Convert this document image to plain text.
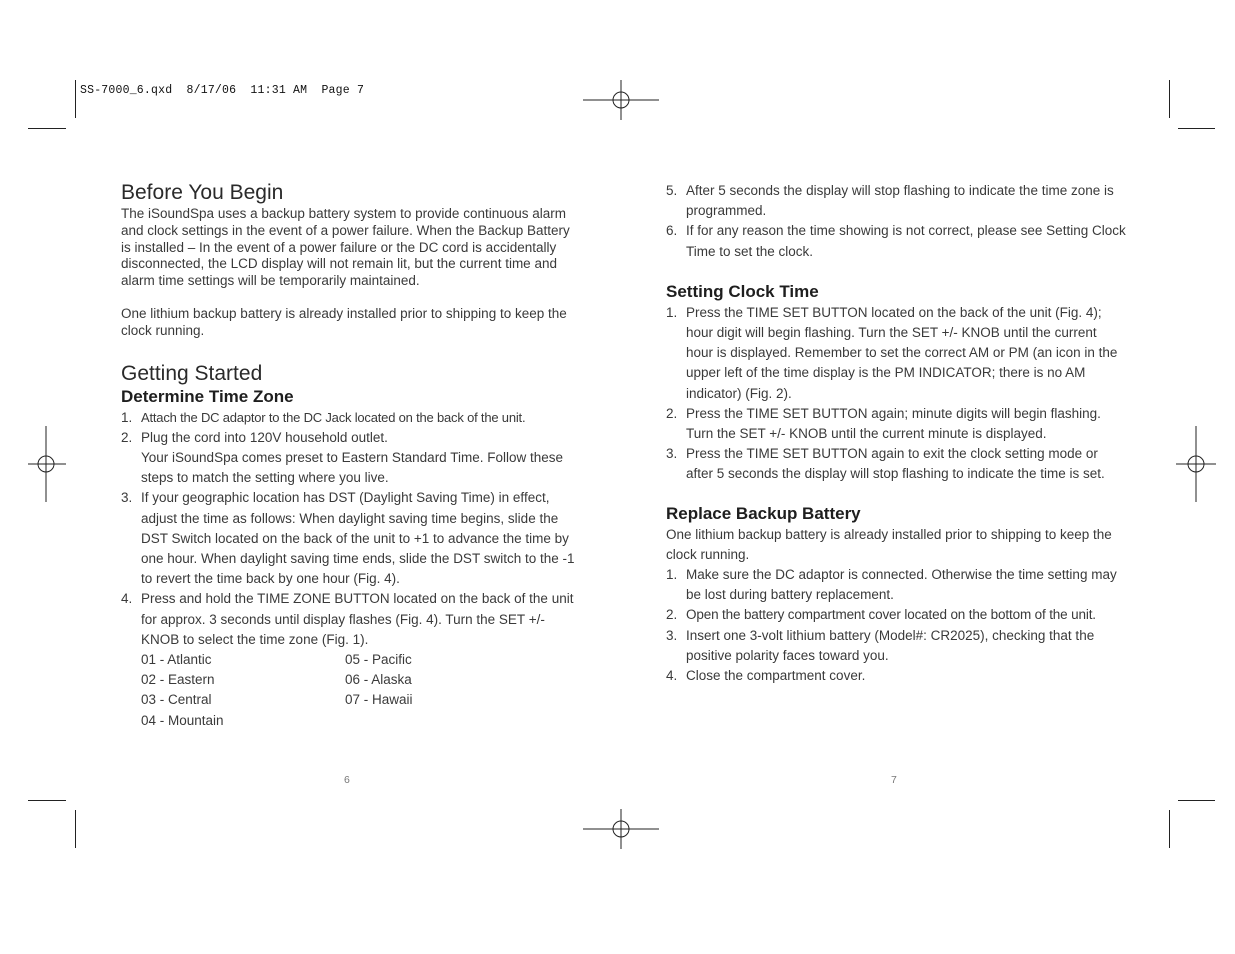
SS-7000_6.qxd  8/17/06  11:31 AM  Page 7
Before You Begin

The iSoundSpa uses a backup battery system to provide continuous alarm and clock settings in the event of a power failure. When the Backup Battery is installed – In the event of a power failure or the DC cord is accidentally disconnected, the LCD display will not remain lit, but the current time and alarm time settings will be temporarily maintained.

One lithium backup battery is already installed prior to shipping to keep the clock running.

Getting Started
Determine Time Zone
1. Attach the DC adaptor to the DC Jack located on the back of the unit.
2. Plug the cord into 120V household outlet.

Your iSoundSpa comes preset to Eastern Standard Time. Follow these steps to match the setting where you live.

3. If your geographic location has DST (Daylight Saving Time) in effect, adjust the time as follows: When daylight saving time begins, slide the DST Switch located on the back of the unit to +1 to advance the time by one hour. When daylight saving time ends, slide the DST switch to the -1 to revert the time back by one hour (Fig. 4).
4. Press and hold the TIME ZONE BUTTON located on the back of the unit for approx. 3 seconds until display flashes (Fig. 4). Turn the SET +/- KNOB to select the time zone (Fig. 1).
01 - Atlantic	05 - Pacific
02 - Eastern	06 - Alaska
03 - Central	07 - Hawaii
04 - Mountain
6
5. After 5 seconds the display will stop flashing to indicate the time zone is programmed.
6. If for any reason the time showing is not correct, please see Setting Clock Time to set the clock.
Setting Clock Time
1. Press the TIME SET BUTTON located on the back of the unit (Fig. 4); hour digit will begin flashing. Turn the SET +/- KNOB until the current hour is displayed. Remember to set the correct AM or PM (an icon in the upper left of the time display is the PM INDICATOR; there is no AM indicator) (Fig. 2).
2. Press the TIME SET BUTTON again; minute digits will begin flashing. Turn the SET +/- KNOB until the current minute is displayed.
3. Press the TIME SET BUTTON again to exit the clock setting mode or after 5 seconds the display will stop flashing to indicate the time is set.
Replace Backup Battery

One lithium backup battery is already installed prior to shipping to keep the clock running.

1. Make sure the DC adaptor is connected. Otherwise the time setting may be lost during battery replacement.
2. Open the battery compartment cover located on the bottom of the unit.
3. Insert one 3-volt lithium battery (Model#: CR2025), checking that the positive polarity faces toward you.
4. Close the compartment cover.
7
